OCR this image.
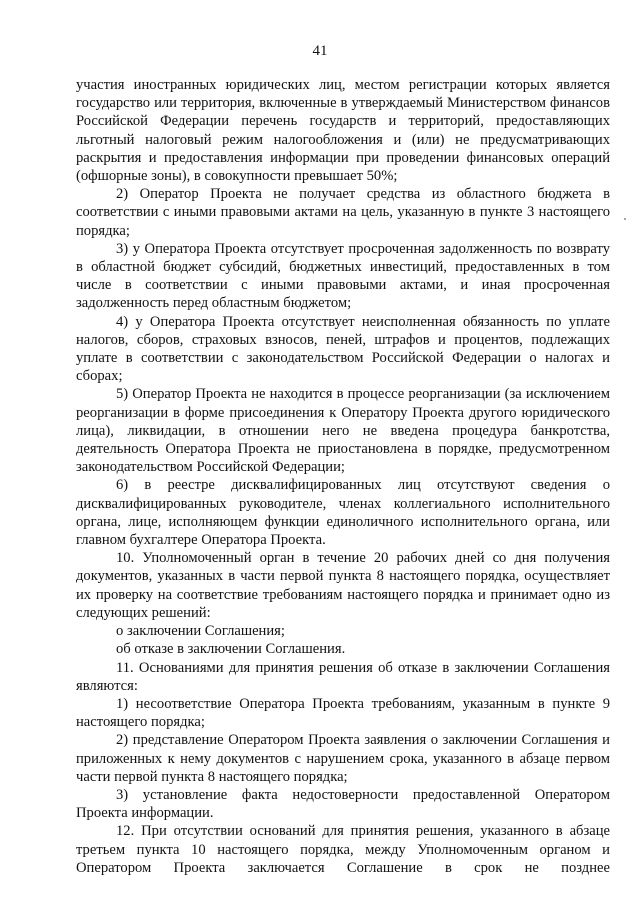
41

участия иностранных юридических лиц, местом регистрации которых является государство или территория, включенные в утверждаемый Министерством финансов Российской Федерации перечень государств и территорий, предоставляющих льготный налоговый режим налогообложения и (или) не предусматривающих раскрытия и предоставления информации при проведении финансовых операций (офшорные зоны), в совокупности превышает 50%;

2) Оператор Проекта не получает средства из областного бюджета в соответствии с иными правовыми актами на цель, указанную в пункте 3 настоящего порядка;

3) у Оператора Проекта отсутствует просроченная задолженность по возврату в областной бюджет субсидий, бюджетных инвестиций, предоставленных в том числе в соответствии с иными правовыми актами, и иная просроченная задолженность перед областным бюджетом;

4) у Оператора Проекта отсутствует неисполненная обязанность по уплате налогов, сборов, страховых взносов, пеней, штрафов и процентов, подлежащих уплате в соответствии с законодательством Российской Федерации о налогах и сборах;

5) Оператор Проекта не находится в процессе реорганизации (за исключением реорганизации в форме присоединения к Оператору Проекта другого юридического лица), ликвидации, в отношении него не введена процедура банкротства, деятельность Оператора Проекта не приостановлена в порядке, предусмотренном законодательством Российской Федерации;

6) в реестре дисквалифицированных лиц отсутствуют сведения о дисквалифицированных руководителе, членах коллегиального исполнительного органа, лице, исполняющем функции единоличного исполнительного органа, или главном бухгалтере Оператора Проекта.

10. Уполномоченный орган в течение 20 рабочих дней со дня получения документов, указанных в части первой пункта 8 настоящего порядка, осуществляет их проверку на соответствие требованиям настоящего порядка и принимает одно из следующих решений:

о заключении Соглашения;

об отказе в заключении Соглашения.

11. Основаниями для принятия решения об отказе в заключении Соглашения являются:

1) несоответствие Оператора Проекта требованиям, указанным в пункте 9 настоящего порядка;

2) представление Оператором Проекта заявления о заключении Соглашения и приложенных к нему документов с нарушением срока, указанного в абзаце первом части первой пункта 8 настоящего порядка;

3) установление факта недостоверности предоставленной Оператором Проекта информации.

12. При отсутствии оснований для принятия решения, указанного в абзаце третьем пункта 10 настоящего порядка, между Уполномоченным органом и Оператором Проекта заключается Соглашение в срок не позднее
